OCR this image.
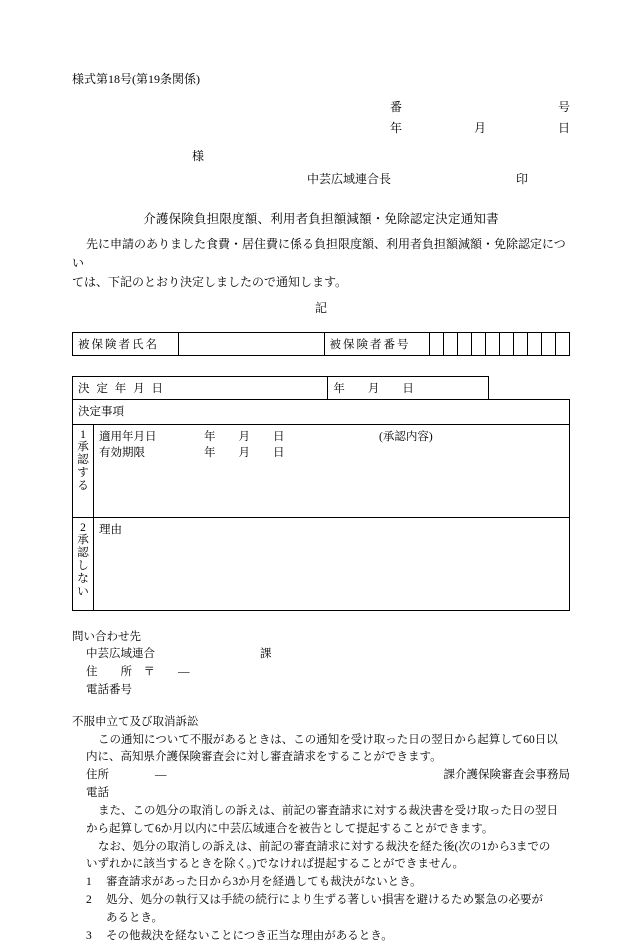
様式第18号(第19条関係)
番	号
年	月	日
様
中芸広域連合長	印
介護保険負担限度額、利用者負担額減額・免除認定決定通知書
先に申請のありました食費・居住費に係る負担限度額、利用者負担額減額・免除認定につい
ては、下記のとおり決定しましたので通知します。
記
被保険者氏名		被保険者番号										
決 定 年 月 日	年        月        日	
決定事項	
1承認する	適用年月日 年        月        日 (承認内容)
有効期限 年        月        日

2承認しない	理由
問い合わせ先
中芸広域連合	課
住　　所　〒　　―
電話番号
不服申立て及び取消訴訟
この通知について不服があるときは、この通知を受け取った日の翌日から起算して60日以
内に、高知県介護保険審査会に対し審査請求をすることができます。
住所　　　　―	課介護保険審査会事務局
電話
また、この処分の取消しの訴えは、前記の審査請求に対する裁決書を受け取った日の翌日
から起算して6か月以内に中芸広域連合を被告として提起することができます。
なお、処分の取消しの訴えは、前記の審査請求に対する裁決を経た後(次の1から3までの
いずれかに該当するときを除く。)でなければ提起することができません。
1	審査請求があった日から3か月を経過しても裁決がないとき。
2	処分、処分の執行又は手続の続行により生ずる著しい損害を避けるため緊急の必要が
あるとき。
3	その他裁決を経ないことにつき正当な理由があるとき。
